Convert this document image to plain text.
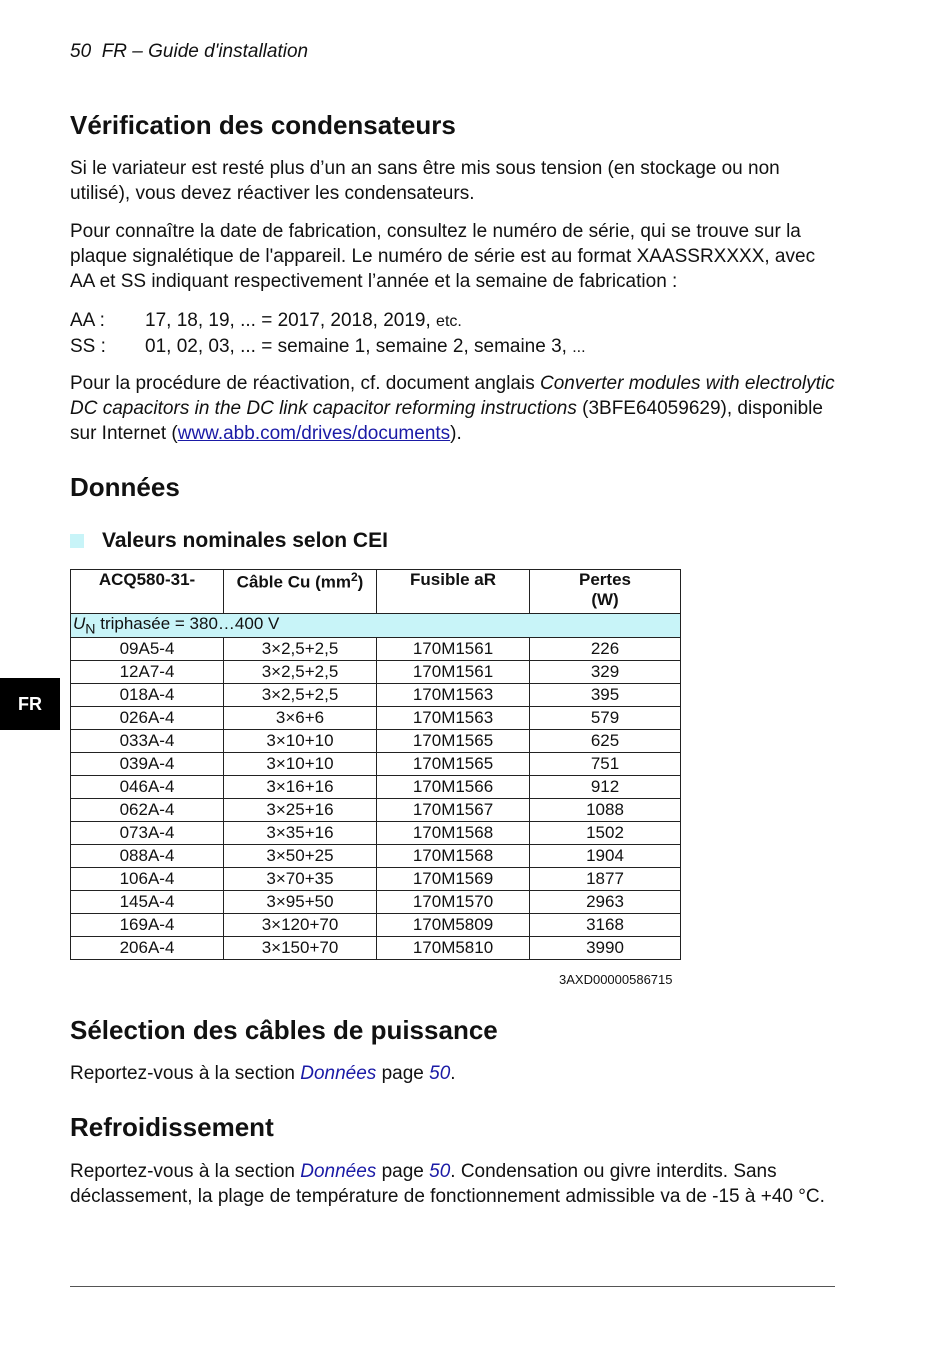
50 FR – Guide d'installation
Vérification des condensateurs

Si le variateur est resté plus d’un an sans être mis sous tension (en stockage ou non utilisé), vous devez réactiver les condensateurs.

Pour connaître la date de fabrication, consultez le numéro de série, qui se trouve sur la plaque signalétique de l'appareil. Le numéro de série est au format XAASSRXXXX, avec AA et SS indiquant respectivement l’année et la semaine de fabrication :

AA :	17, 18, 19, ... = 2017, 2018, 2019, etc.
SS :	01, 02, 03, ... = semaine 1, semaine 2, semaine 3, ...

Pour la procédure de réactivation, cf. document anglais Converter modules with electrolytic DC capacitors in the DC link capacitor reforming instructions (3BFE64059629), disponible sur Internet (www.abb.com/drives/documents).

Données
Valeurs nominales selon CEI
ACQ580-31-	Câble Cu $(mm^2)$	Fusible aR	Pertes
(W)
$U_N$ triphasée = 380…400 V			
09A5-4	3×2,5+2,5	170M1561	226
12A7-4	3×2,5+2,5	170M1561	329
018A-4	3×2,5+2,5	170M1563	395
026A-4	3×6+6	170M1563	579
033A-4	3×10+10	170M1565	625
039A-4	3×10+10	170M1565	751
046A-4	3×16+16	170M1566	912
062A-4	3×25+16	170M1567	1088
073A-4	3×35+16	170M1568	1502
088A-4	3×50+25	170M1568	1904
106A-4	3×70+35	170M1569	1877
145A-4	3×95+50	170M1570	2963
169A-4	3×120+70	170M5809	3168
206A-4	3×150+70	170M5810	3990
3AXD00000586715
Sélection des câbles de puissance

Reportez-vous à la section Données page 50.

Refroidissement

Reportez-vous à la section Données page 50. Condensation ou givre interdits. Sans déclassement, la plage de température de fonctionnement admissible va de -15 à +40 °C.

FR
